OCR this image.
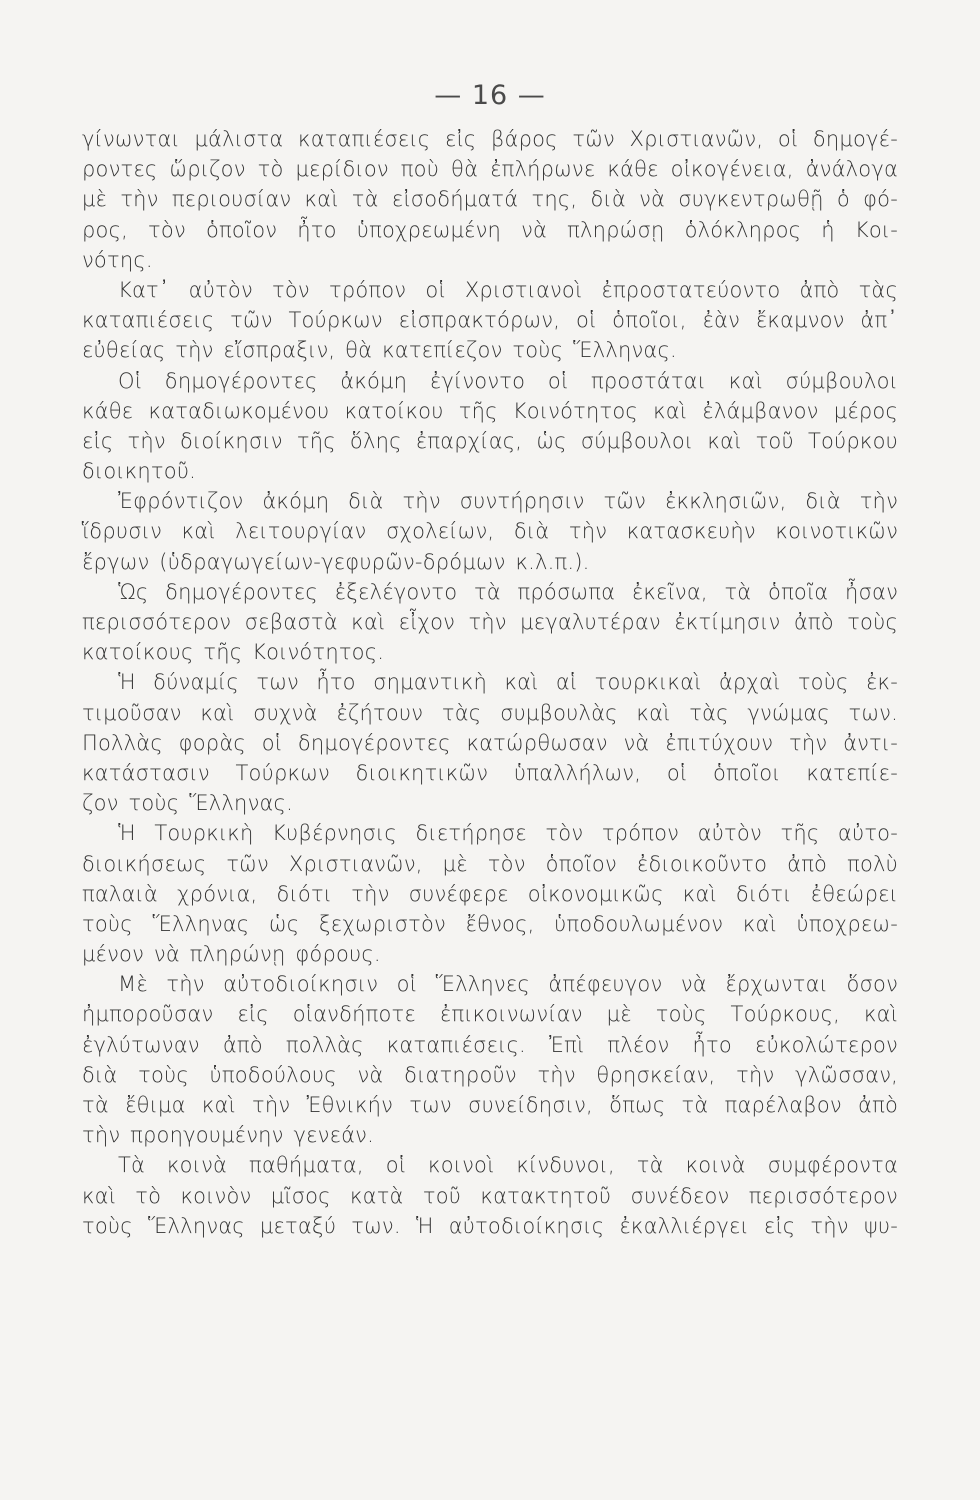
— 16 —
γίνωνται μάλιστα καταπιέσεις εἰς βάρος τῶν Χριστιανῶν, οἱ δημογέ-
ροντες ὥριζον τὸ μερίδιον ποὺ θὰ ἐπλήρωνε κάθε οἰκογένεια, ἀνάλογα
μὲ τὴν περιουσίαν καὶ τὰ εἰσοδήματά της, διὰ νὰ συγκεντρωθῇ ὁ φό-
ρος, τὸν ὁποῖον ἦτο ὑποχρεωμένη νὰ πληρώσῃ ὁλόκληρος ἡ Κοι-
νότης.
Κατ᾽ αὐτὸν τὸν τρόπον οἱ Χριστιανοὶ ἐπροστατεύοντο ἀπὸ τὰς
καταπιέσεις τῶν Τούρκων εἰσπρακτόρων, οἱ ὁποῖοι, ἐὰν ἔκαμνον ἀπ᾽
εὐθείας τὴν εἴσπραξιν, θὰ κατεπίεζον τοὺς Ἕλληνας.
Οἱ δημογέροντες ἀκόμη ἐγίνοντο οἱ προστάται καὶ σύμβουλοι
κάθε καταδιωκομένου κατοίκου τῆς Κοινότητος καὶ ἐλάμβανον μέρος
εἰς τὴν διοίκησιν τῆς ὅλης ἐπαρχίας, ὡς σύμβουλοι καὶ τοῦ Τούρκου
διοικητοῦ.
Ἐφρόντιζον ἀκόμη διὰ τὴν συντήρησιν τῶν ἐκκλησιῶν, διὰ τὴν
ἵδρυσιν καὶ λειτουργίαν σχολείων, διὰ τὴν κατασκευὴν κοινοτικῶν
ἔργων (ὑδραγωγείων-γεφυρῶν-δρόμων κ.λ.π.).
Ὡς δημογέροντες ἐξελέγοντο τὰ πρόσωπα ἐκεῖνα, τὰ ὁποῖα ἦσαν
περισσότερον σεβαστὰ καὶ εἶχον τὴν μεγαλυτέραν ἐκτίμησιν ἀπὸ τοὺς
κατοίκους τῆς Κοινότητος.
Ἡ δύναμίς των ἦτο σημαντικὴ καὶ αἱ τουρκικαὶ ἀρχαὶ τοὺς ἐκ-
τιμοῦσαν καὶ συχνὰ ἐζήτουν τὰς συμβουλὰς καὶ τὰς γνώμας των.
Πολλὰς φορὰς οἱ δημογέροντες κατώρθωσαν νὰ ἐπιτύχουν τὴν ἀντι-
κατάστασιν Τούρκων διοικητικῶν ὑπαλλήλων, οἱ ὁποῖοι κατεπίε-
ζον τοὺς Ἕλληνας.
Ἡ Τουρκικὴ Κυβέρνησις διετήρησε τὸν τρόπον αὐτὸν τῆς αὐτο-
διοικήσεως τῶν Χριστιανῶν, μὲ τὸν ὁποῖον ἐδιοικοῦντο ἀπὸ πολὺ
παλαιὰ χρόνια, διότι τὴν συνέφερε οἰκονομικῶς καὶ διότι ἐθεώρει
τοὺς Ἕλληνας ὡς ξεχωριστὸν ἔθνος, ὑποδουλωμένον καὶ ὑποχρεω-
μένον νὰ πληρώνῃ φόρους.
Μὲ τὴν αὐτοδιοίκησιν οἱ Ἕλληνες ἀπέφευγον νὰ ἔρχωνται ὅσον
ἠμποροῦσαν εἰς οἱανδήποτε ἐπικοινωνίαν μὲ τοὺς Τούρκους, καὶ
ἐγλύτωναν ἀπὸ πολλὰς καταπιέσεις. Ἐπὶ πλέον ἦτο εὐκολώτερον
διὰ τοὺς ὑποδούλους νὰ διατηροῦν τὴν θρησκείαν, τὴν γλῶσσαν,
τὰ ἔθιμα καὶ τὴν Ἐθνικήν των συνείδησιν, ὅπως τὰ παρέλαβον ἀπὸ
τὴν προηγουμένην γενεάν.
Τὰ κοινὰ παθήματα, οἱ κοινοὶ κίνδυνοι, τὰ κοινὰ συμφέροντα
καὶ τὸ κοινὸν μῖσος κατὰ τοῦ κατακτητοῦ συνέδεον περισσότερον
τοὺς Ἕλληνας μεταξύ των. Ἡ αὐτοδιοίκησις ἐκαλλιέργει εἰς τὴν ψυ-
